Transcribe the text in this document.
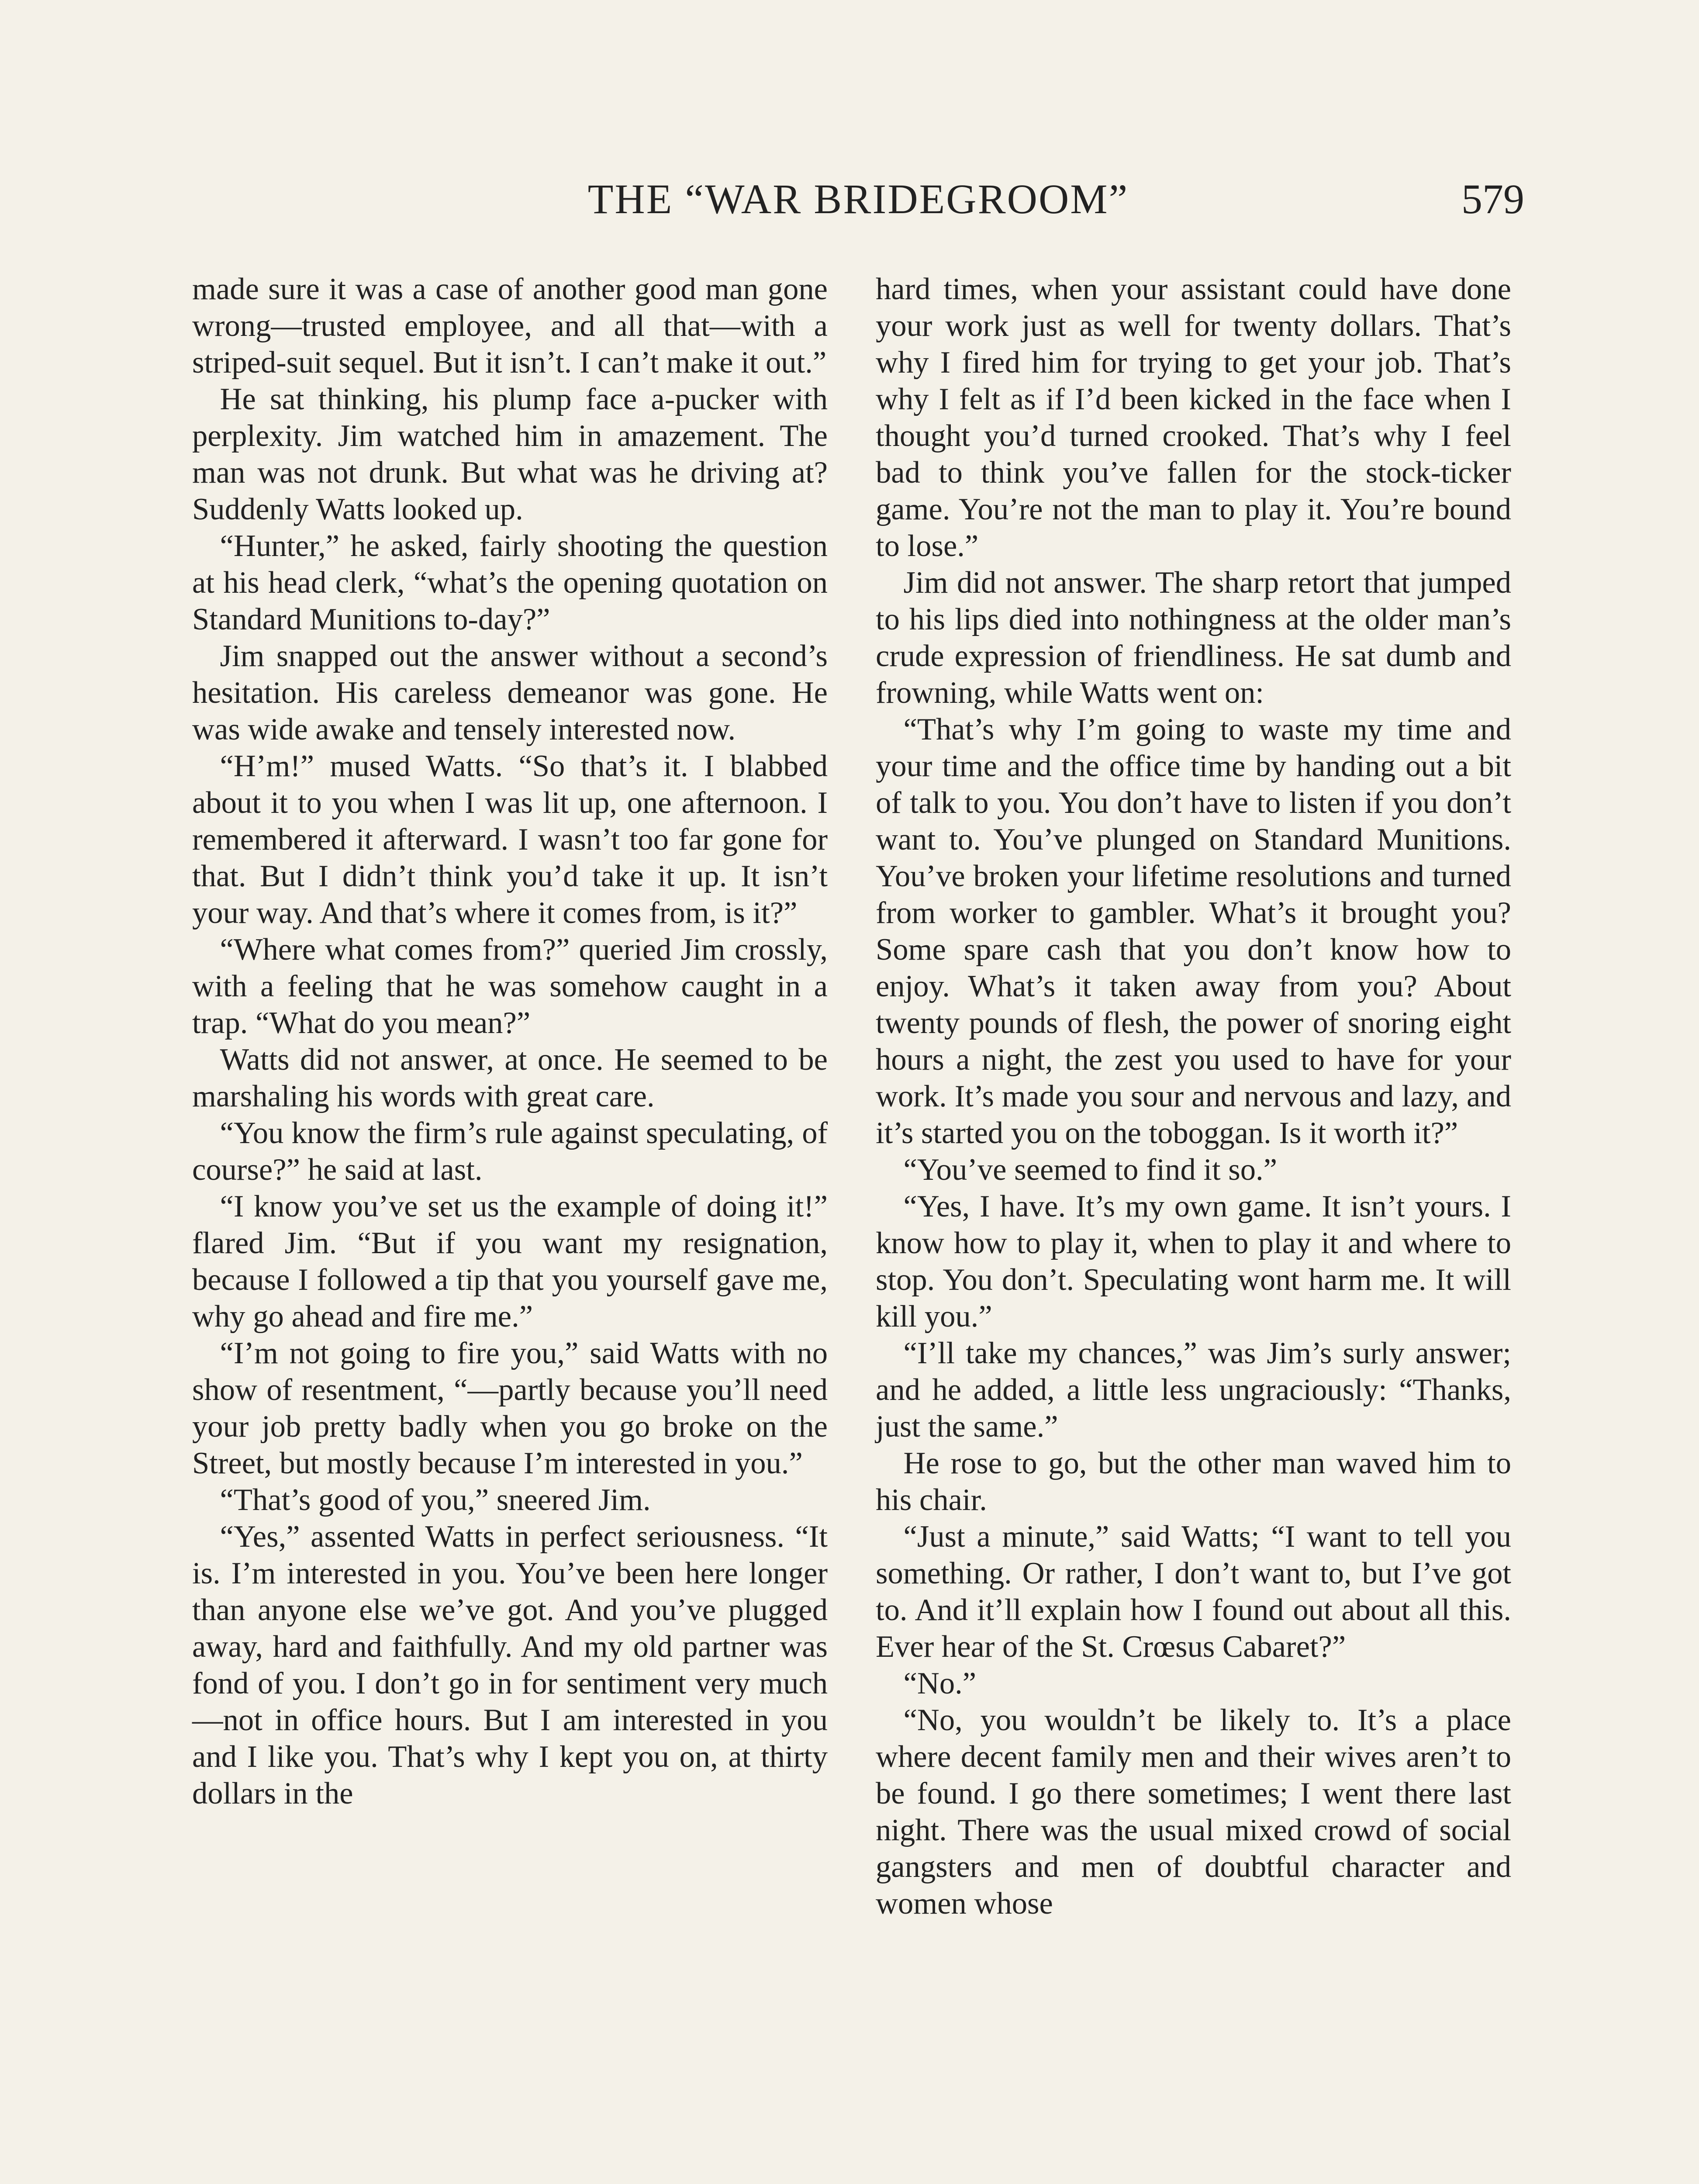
THE “WAR BRIDEGROOM”	579

made sure it was a case of another good man gone wrong—trusted employee, and all that—with a striped-suit sequel. But it isn’t. I can’t make it out.”

He sat thinking, his plump face a-pucker with perplexity. Jim watched him in amazement. The man was not drunk. But what was he driving at? Suddenly Watts looked up.

“Hunter,” he asked, fairly shooting the question at his head clerk, “what’s the opening quotation on Standard Munitions to-day?”

Jim snapped out the answer without a second’s hesitation. His careless demeanor was gone. He was wide awake and tensely interested now.

“H’m!” mused Watts. “So that’s it. I blabbed about it to you when I was lit up, one afternoon. I remembered it afterward. I wasn’t too far gone for that. But I didn’t think you’d take it up. It isn’t your way. And that’s where it comes from, is it?”

“Where what comes from?” queried Jim crossly, with a feeling that he was somehow caught in a trap. “What do you mean?”

Watts did not answer, at once. He seemed to be marshaling his words with great care.

“You know the firm’s rule against speculating, of course?” he said at last.

“I know you’ve set us the example of doing it!” flared Jim. “But if you want my resignation, because I followed a tip that you yourself gave me, why go ahead and fire me.”

“I’m not going to fire you,” said Watts with no show of resentment, “—partly because you’ll need your job pretty badly when you go broke on the Street, but mostly because I’m interested in you.”

“That’s good of you,” sneered Jim.

“Yes,” assented Watts in perfect seriousness. “It is. I’m interested in you. You’ve been here longer than anyone else we’ve got. And you’ve plugged away, hard and faithfully. And my old partner was fond of you. I don’t go in for sentiment very much—not in office hours. But I am interested in you and I like you. That’s why I kept you on, at thirty dollars in the

hard times, when your assistant could have done your work just as well for twenty dollars. That’s why I fired him for trying to get your job. That’s why I felt as if I’d been kicked in the face when I thought you’d turned crooked. That’s why I feel bad to think you’ve fallen for the stock-ticker game. You’re not the man to play it. You’re bound to lose.”

Jim did not answer. The sharp retort that jumped to his lips died into nothingness at the older man’s crude expression of friendliness. He sat dumb and frowning, while Watts went on:

“That’s why I’m going to waste my time and your time and the office time by handing out a bit of talk to you. You don’t have to listen if you don’t want to. You’ve plunged on Standard Munitions. You’ve broken your lifetime resolutions and turned from worker to gambler. What’s it brought you? Some spare cash that you don’t know how to enjoy. What’s it taken away from you? About twenty pounds of flesh, the power of snoring eight hours a night, the zest you used to have for your work. It’s made you sour and nervous and lazy, and it’s started you on the toboggan. Is it worth it?”

“You’ve seemed to find it so.”

“Yes, I have. It’s my own game. It isn’t yours. I know how to play it, when to play it and where to stop. You don’t. Speculating wont harm me. It will kill you.”

“I’ll take my chances,” was Jim’s surly answer; and he added, a little less ungraciously: “Thanks, just the same.”

He rose to go, but the other man waved him to his chair.

“Just a minute,” said Watts; “I want to tell you something. Or rather, I don’t want to, but I’ve got to. And it’ll explain how I found out about all this. Ever hear of the St. Crœsus Cabaret?”

“No.”

“No, you wouldn’t be likely to. It’s a place where decent family men and their wives aren’t to be found. I go there sometimes; I went there last night. There was the usual mixed crowd of social gangsters and men of doubtful character and women whose
